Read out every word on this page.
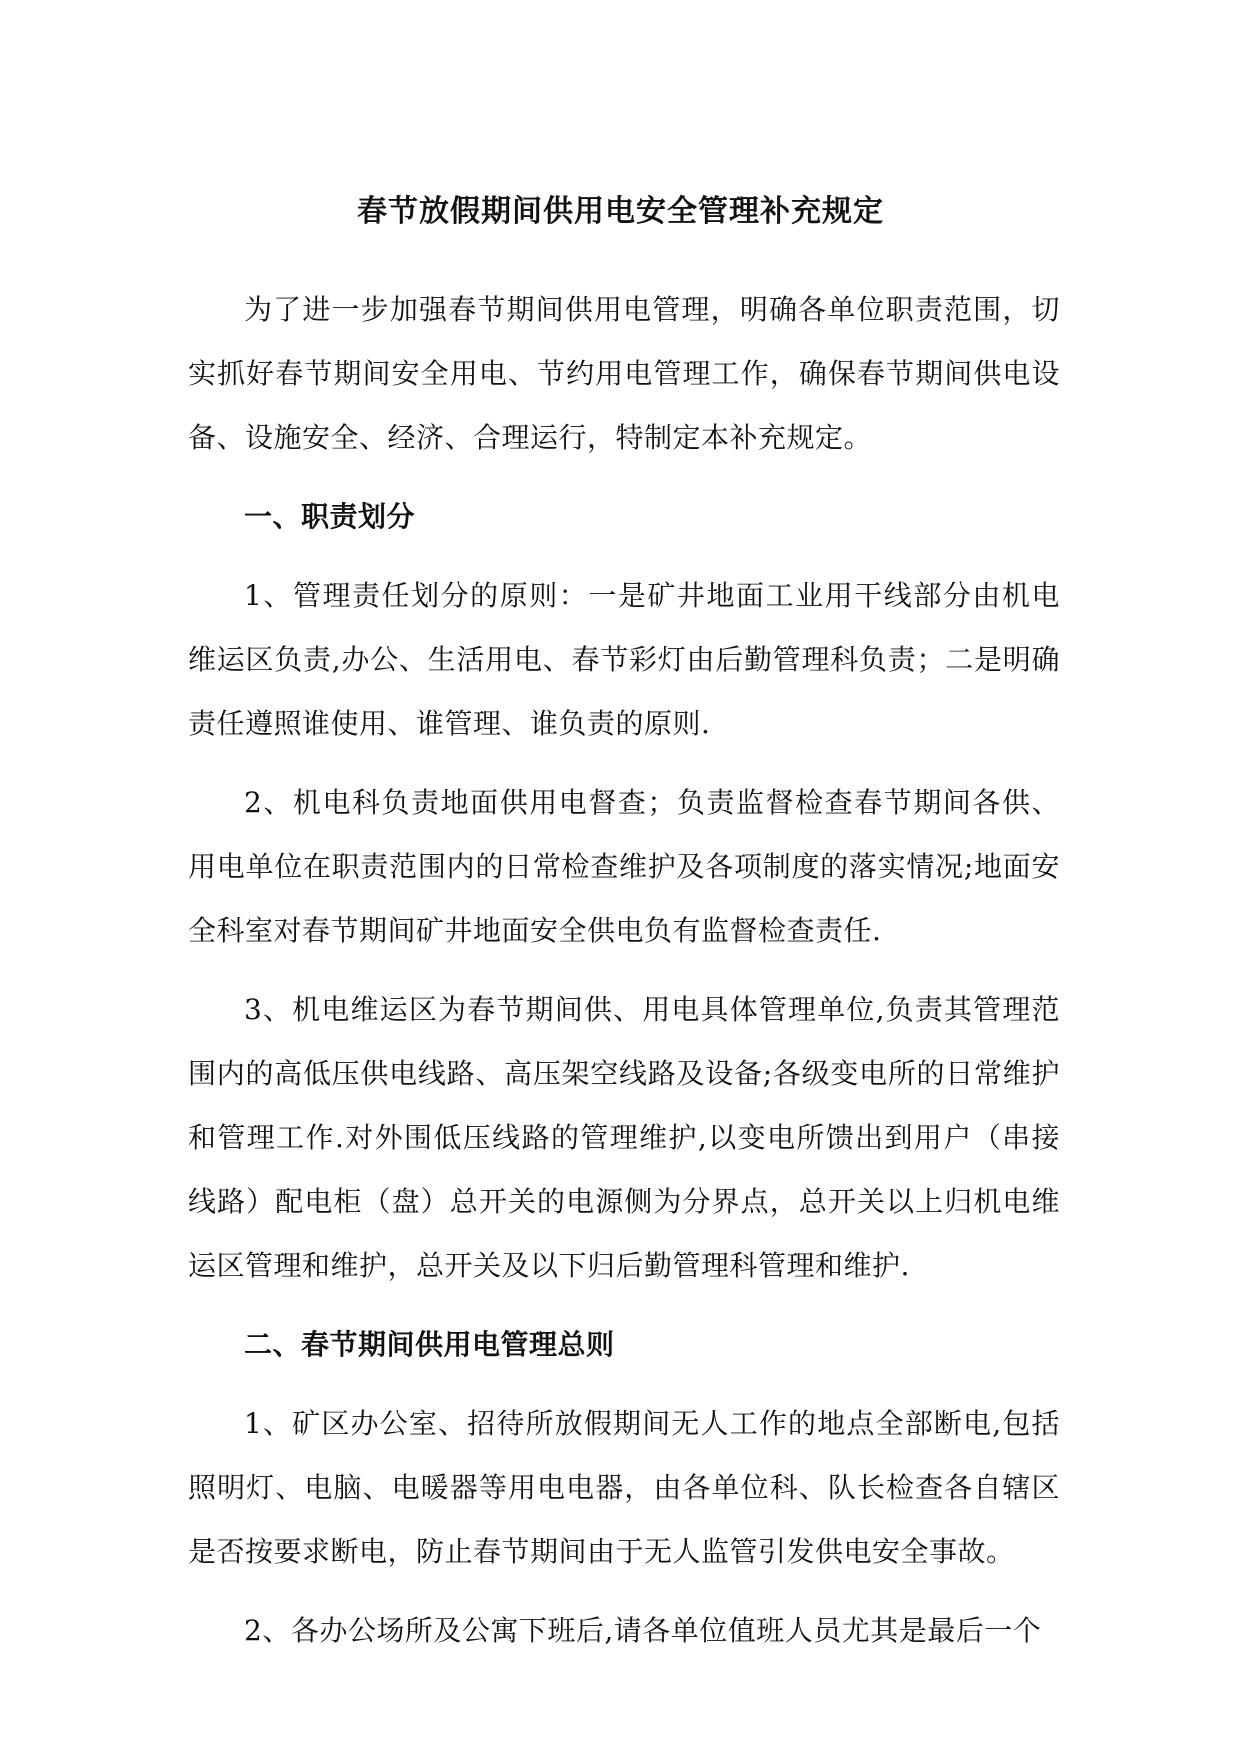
春节放假期间供用电安全管理补充规定

为了进一步加强春节期间供用电管理，明确各单位职责范围，切实抓好春节期间安全用电、节约用电管理工作，确保春节期间供电设备、设施安全、经济、合理运行，特制定本补充规定。

一、职责划分

1、管理责任划分的原则：一是矿井地面工业用干线部分由机电维运区负责,办公、生活用电、春节彩灯由后勤管理科负责；二是明确责任遵照谁使用、谁管理、谁负责的原则.

2、机电科负责地面供用电督查；负责监督检查春节期间各供、用电单位在职责范围内的日常检查维护及各项制度的落实情况;地面安全科室对春节期间矿井地面安全供电负有监督检查责任.

3、机电维运区为春节期间供、用电具体管理单位,负责其管理范围内的高低压供电线路、高压架空线路及设备;各级变电所的日常维护和管理工作.对外围低压线路的管理维护,以变电所馈出到用户（串接线路）配电柜（盘）总开关的电源侧为分界点，总开关以上归机电维运区管理和维护，总开关及以下归后勤管理科管理和维护.

二、春节期间供用电管理总则

1、矿区办公室、招待所放假期间无人工作的地点全部断电,包括照明灯、电脑、电暖器等用电电器，由各单位科、队长检查各自辖区是否按要求断电，防止春节期间由于无人监管引发供电安全事故。

2、各办公场所及公寓下班后,请各单位值班人员尤其是最后一个
